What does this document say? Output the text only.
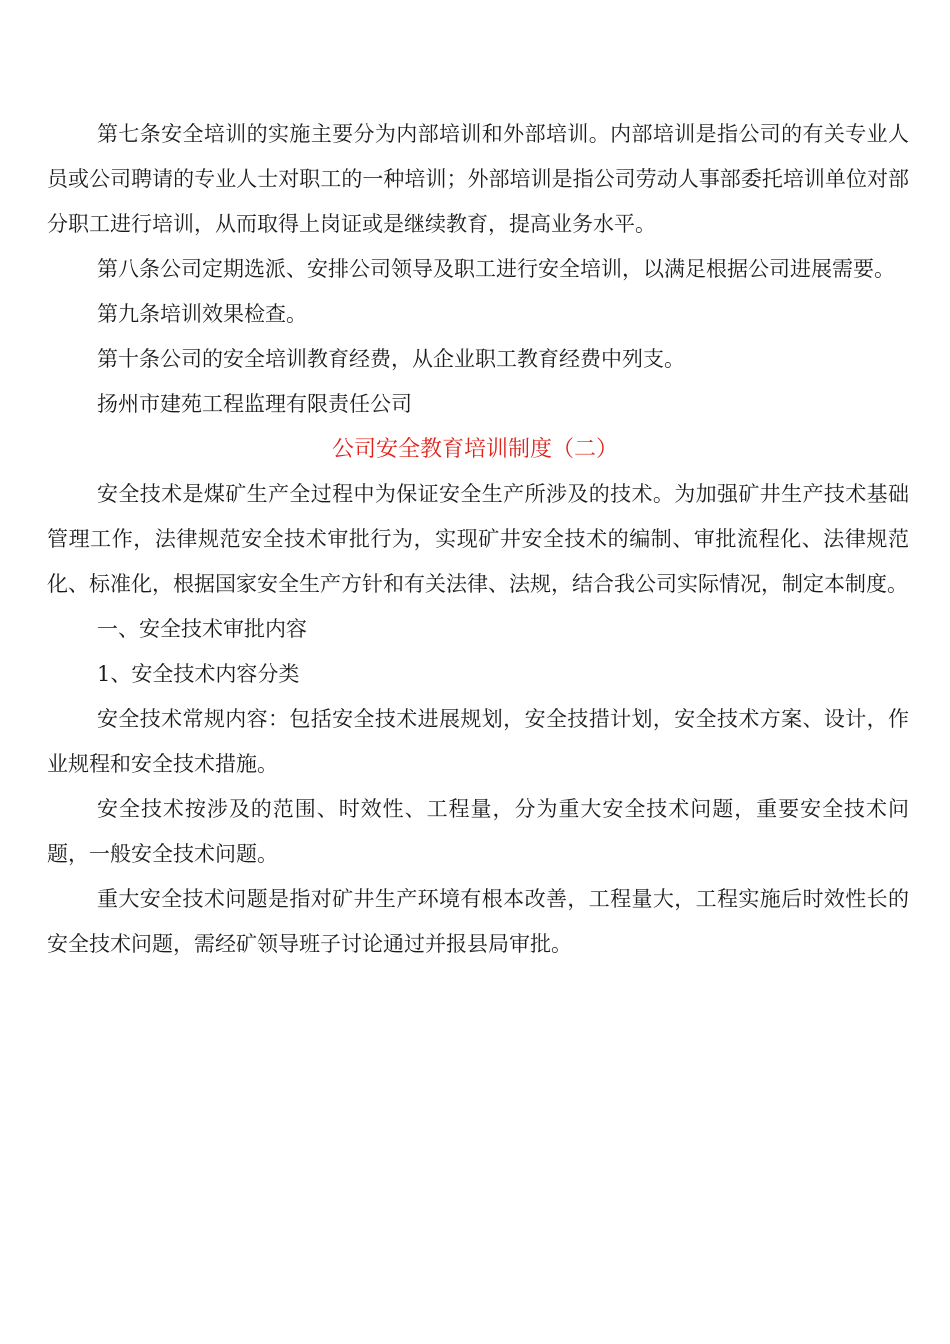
第七条安全培训的实施主要分为内部培训和外部培训。内部培训是指公司的有关专业人员或公司聘请的专业人士对职工的一种培训；外部培训是指公司劳动人事部委托培训单位对部分职工进行培训，从而取得上岗证或是继续教育，提高业务水平。

第八条公司定期选派、安排公司领导及职工进行安全培训，以满足根据公司进展需要。

第九条培训效果检查。

第十条公司的安全培训教育经费，从企业职工教育经费中列支。

扬州市建苑工程监理有限责任公司

公司安全教育培训制度（二）

安全技术是煤矿生产全过程中为保证安全生产所涉及的技术。为加强矿井生产技术基础管理工作，法律规范安全技术审批行为，实现矿井安全技术的编制、审批流程化、法律规范化、标准化，根据国家安全生产方针和有关法律、法规，结合我公司实际情况，制定本制度。

一、安全技术审批内容

1、安全技术内容分类

安全技术常规内容：包括安全技术进展规划，安全技措计划，安全技术方案、设计，作业规程和安全技术措施。

安全技术按涉及的范围、时效性、工程量，分为重大安全技术问题，重要安全技术问题，一般安全技术问题。

重大安全技术问题是指对矿井生产环境有根本改善，工程量大，工程实施后时效性长的安全技术问题，需经矿领导班子讨论通过并报县局审批。
